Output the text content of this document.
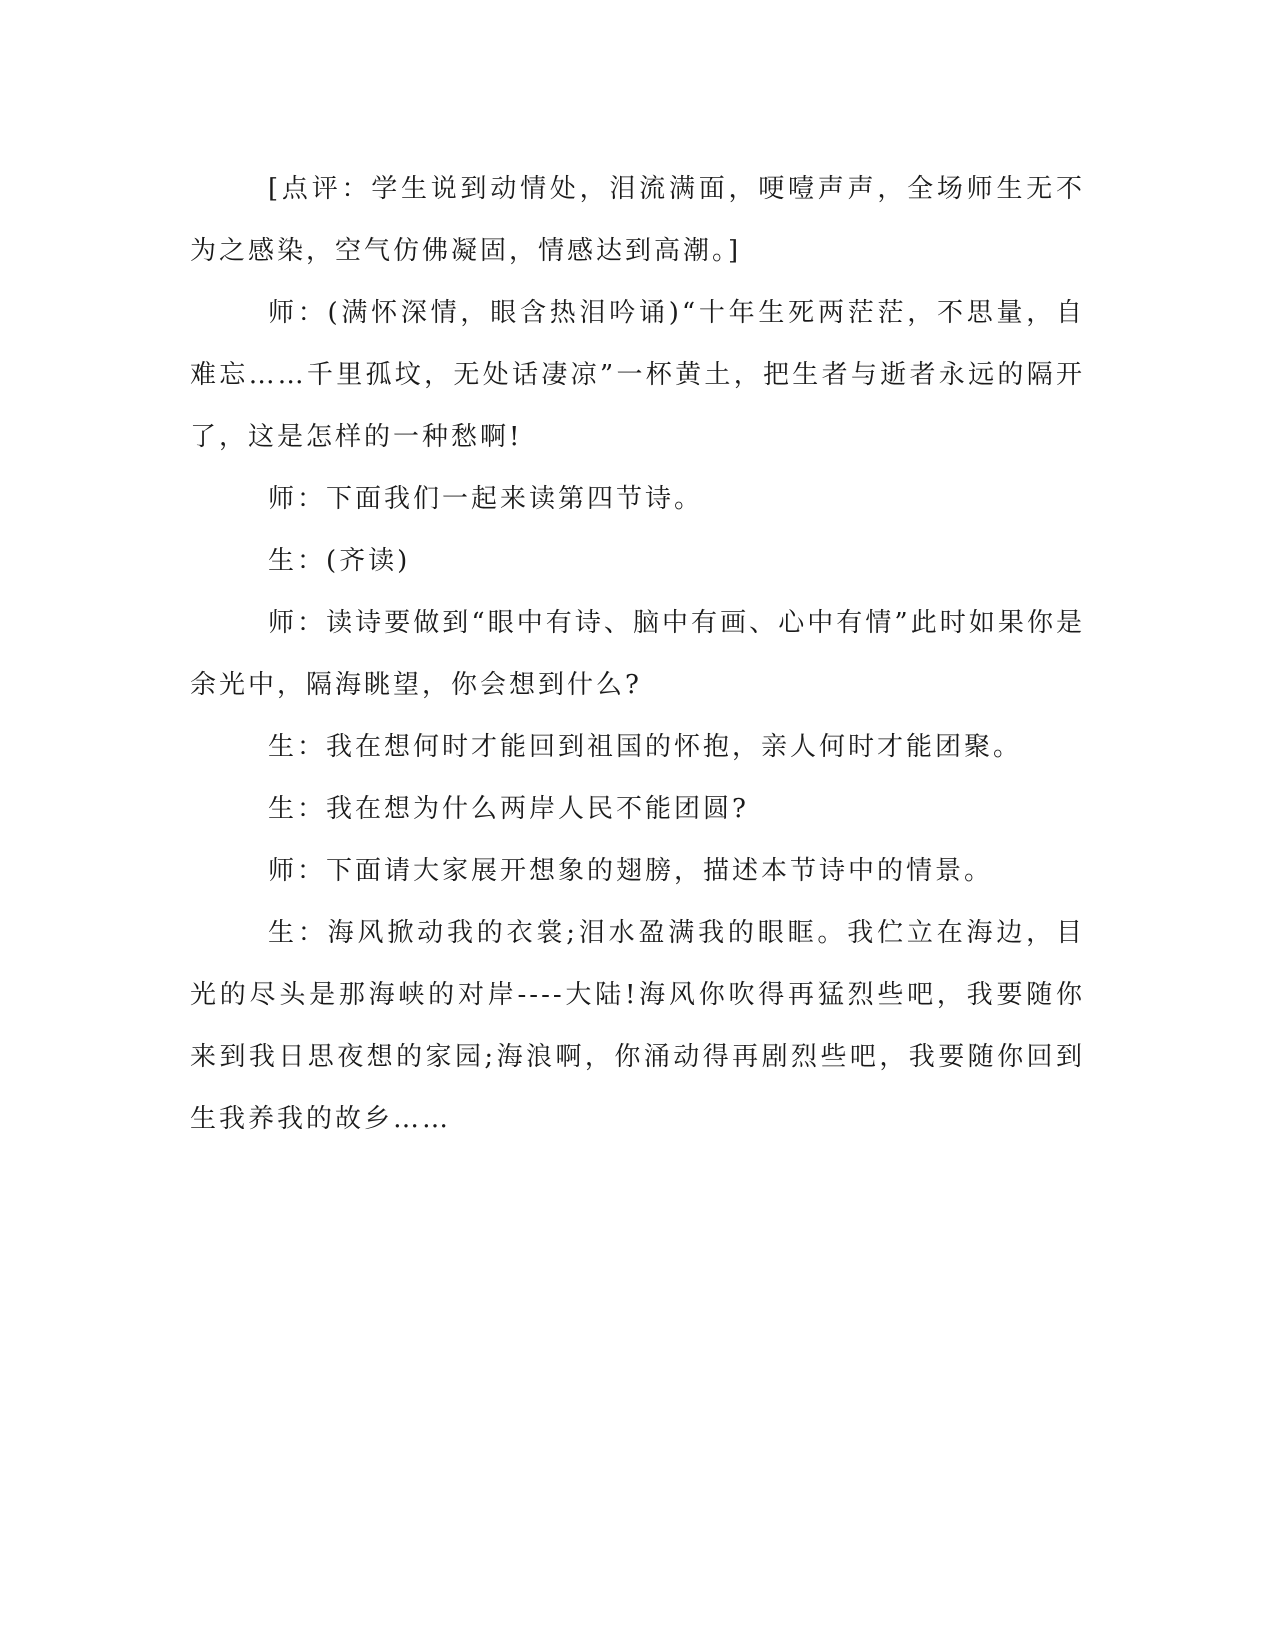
[点评：学生说到动情处，泪流满面，哽噎声声，全场师生无不为之感染，空气仿佛凝固，情感达到高潮。]

师：(满怀深情，眼含热泪吟诵)“十年生死两茫茫，不思量，自难忘……千里孤坟，无处话凄凉”一杯黄土，把生者与逝者永远的隔开了，这是怎样的一种愁啊!

师：下面我们一起来读第四节诗。

生：(齐读)

师：读诗要做到“眼中有诗、脑中有画、心中有情”此时如果你是余光中，隔海眺望，你会想到什么?

生：我在想何时才能回到祖国的怀抱，亲人何时才能团聚。

生：我在想为什么两岸人民不能团圆?

师：下面请大家展开想象的翅膀，描述本节诗中的情景。

生：海风掀动我的衣裳;泪水盈满我的眼眶。我伫立在海边，目光的尽头是那海峡的对岸----大陆!海风你吹得再猛烈些吧，我要随你来到我日思夜想的家园;海浪啊，你涌动得再剧烈些吧，我要随你回到生我养我的故乡……
